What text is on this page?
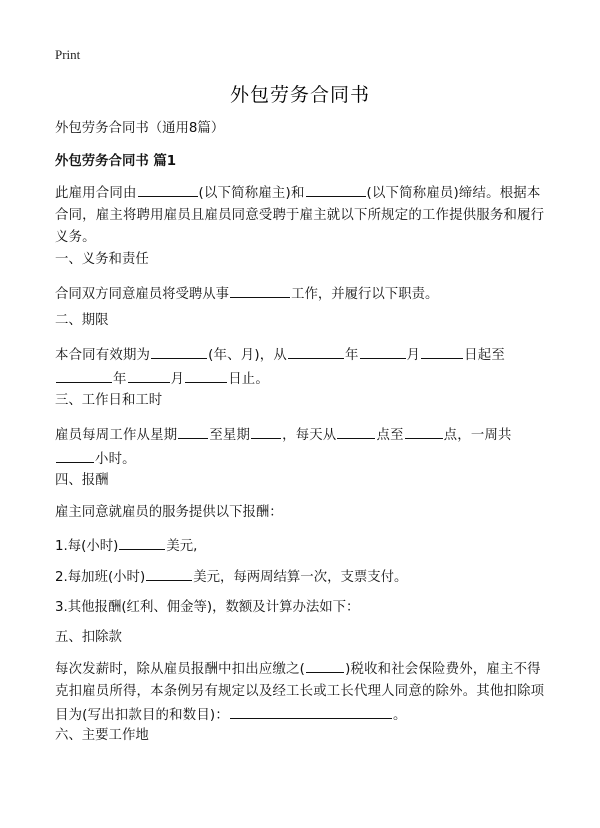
Print
外包劳务合同书
外包劳务合同书（通用8篇）
外包劳务合同书 篇1
此雇用合同由	(以下简称雇主)和	(以下简称雇员)缔结。根据本合同，雇主将聘用雇员且雇员同意受聘于雇主就以下所规定的工作提供服务和履行义务。
一、义务和责任
合同双方同意雇员将受聘从事	工作，并履行以下职责。
二、期限
本合同有效期为	(年、月)，从	年	月	日起至年	月	日止。
三、工作日和工时
雇员每周工作从星期 至星期 ，每天从	点至	点，一周共小时。
四、报酬
雇主同意就雇员的服务提供以下报酬：
1.每(小时)	美元,
2.每加班(小时)	美元，每两周结算一次，支票支付。
3.其他报酬(红利、佣金等)，数额及计算办法如下：
五、扣除款
每次发薪时，除从雇员报酬中扣出应缴之(	)税收和社会保险费外，雇主不得克扣雇员所得，本条例另有规定以及经工长或工长代理人同意的除外。其他扣除项目为(写出扣款目的和数目)：	。
六、主要工作地
